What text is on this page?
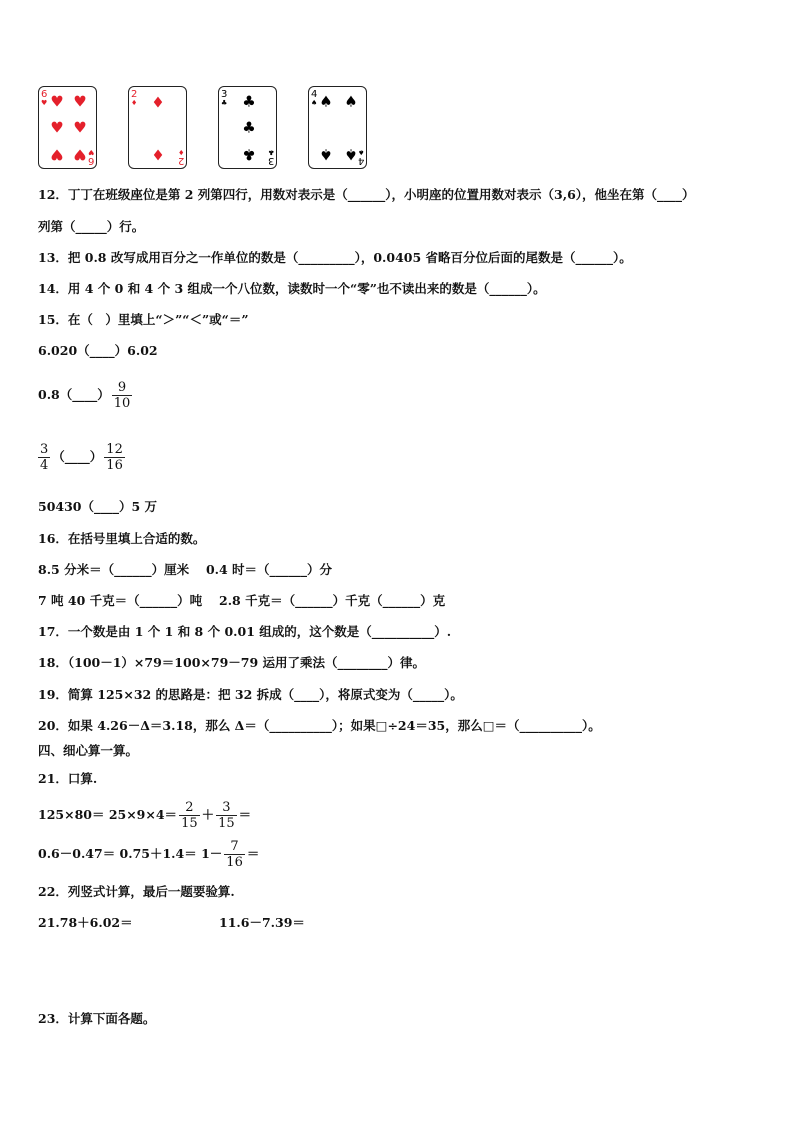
6
♥
6
♥
♥ ♥
♥ ♥
♥ ♥
2
♦
2
♦
♦
♦
3
♣
3
♣
♣
♣
♣
4
♠
4
♠
♠ ♠
♠ ♠
12．丁丁在班级座位是第 2 列第四行，用数对表示是（______），小明座的位置用数对表示（3,6），他坐在第（____）
列第（_____）行。
13．把 0.8 改写成用百分之一作单位的数是（_________），0.0405 省略百分位后面的尾数是（______）。
14．用 4 个 0 和 4 个 3 组成一个八位数，读数时一个“零”也不读出来的数是（______）。
15．在（　）里填上“＞”“＜”或“＝”
6.020（____）6.02
0.8（____） $\frac{9}{10}$
$\frac{3}{4}$ （____） $\frac{12}{16}$
50430（____）5 万
16．在括号里填上合适的数。
8.5 分米＝（______）厘米　 0.4 时＝（______）分
7 吨 40 千克＝（______）吨　 2.8 千克＝（______）千克（______）克
17．一个数是由 1 个 1 和 8 个 0.01 组成的，这个数是（__________）.
18．（100－1）×79＝100×79－79 运用了乘法（________）律。
19．简算 125×32 的思路是：把 32 拆成（____），将原式变为（_____）。
20．如果 4.26－Δ＝3.18，那么 Δ＝（__________）；如果□÷24＝35，那么□＝（__________）。
四、细心算一算。
21．口算.
$125\times 80= 25\times 9\times 4= \frac{2}{15} + \frac{3}{15}$ ＝
$0.6-0.47= 0.75+1.4= 1- \frac{7}{16}$ ＝
22．列竖式计算，最后一题要验算.
21.78＋6.02＝	11.6－7.39＝
23．计算下面各题。
